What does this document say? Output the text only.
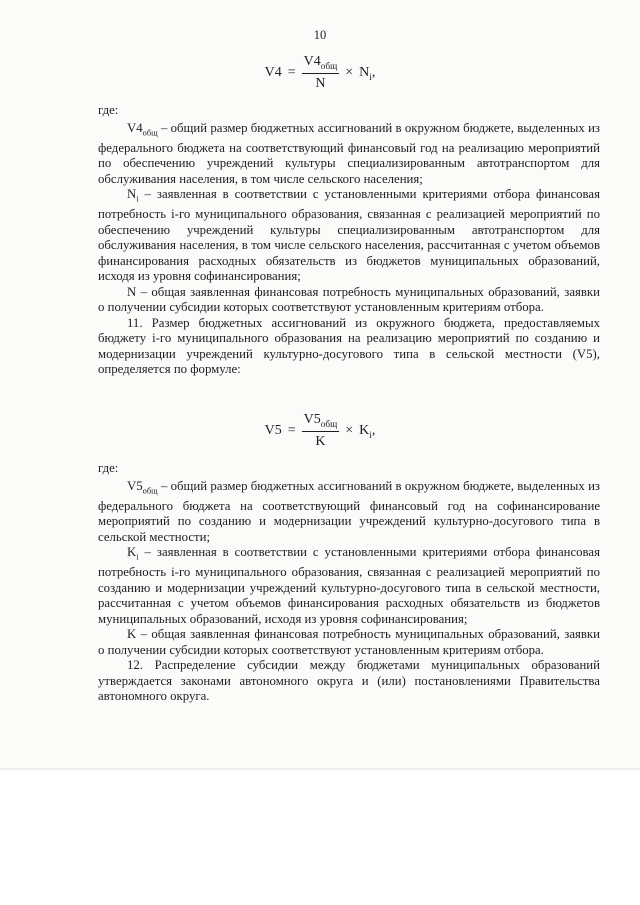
10
$V4 = \frac{V4_{общ}}{N} \times N_i$,

где:

$V4_{общ}$ – общий размер бюджетных ассигнований в окружном бюджете, выделенных из федерального бюджета на соответствующий финансовый год на реализацию мероприятий по обеспечению учреждений культуры специализированным автотранспортом для обслуживания населения, в том числе сельского населения;

$N_i$ – заявленная в соответствии с установленными критериями отбора финансовая потребность i-го муниципального образования, связанная с реализацией мероприятий по обеспечению учреждений культуры специализированным автотранспортом для обслуживания населения, в том числе сельского населения, рассчитанная с учетом объемов финансирования расходных обязательств из бюджетов муниципальных образований, исходя из уровня софинансирования;

N – общая заявленная финансовая потребность муниципальных образований, заявки о получении субсидии которых соответствуют установленным критериям отбора.

11. Размер бюджетных ассигнований из окружного бюджета, предоставляемых бюджету i-го муниципального образования на реализацию мероприятий по созданию и модернизации учреждений культурно-досугового типа в сельской местности (V5), определяется по формуле:

$V5 = \frac{V5_{общ}}{K} \times K_i$,

где:

$V5_{общ}$ – общий размер бюджетных ассигнований в окружном бюджете, выделенных из федерального бюджета на соответствующий финансовый год на софинансирование мероприятий по созданию и модернизации учреждений культурно-досугового типа в сельской местности;

$K_i$ – заявленная в соответствии с установленными критериями отбора финансовая потребность i-го муниципального образования, связанная с реализацией мероприятий по созданию и модернизации учреждений культурно-досугового типа в сельской местности, рассчитанная с учетом объемов финансирования расходных обязательств из бюджетов муниципальных образований, исходя из уровня софинансирования;

K – общая заявленная финансовая потребность муниципальных образований, заявки о получении субсидии которых соответствуют установленным критериям отбора.

12. Распределение субсидии между бюджетами муниципальных образований утверждается законами автономного округа и (или) постановлениями Правительства автономного округа.
